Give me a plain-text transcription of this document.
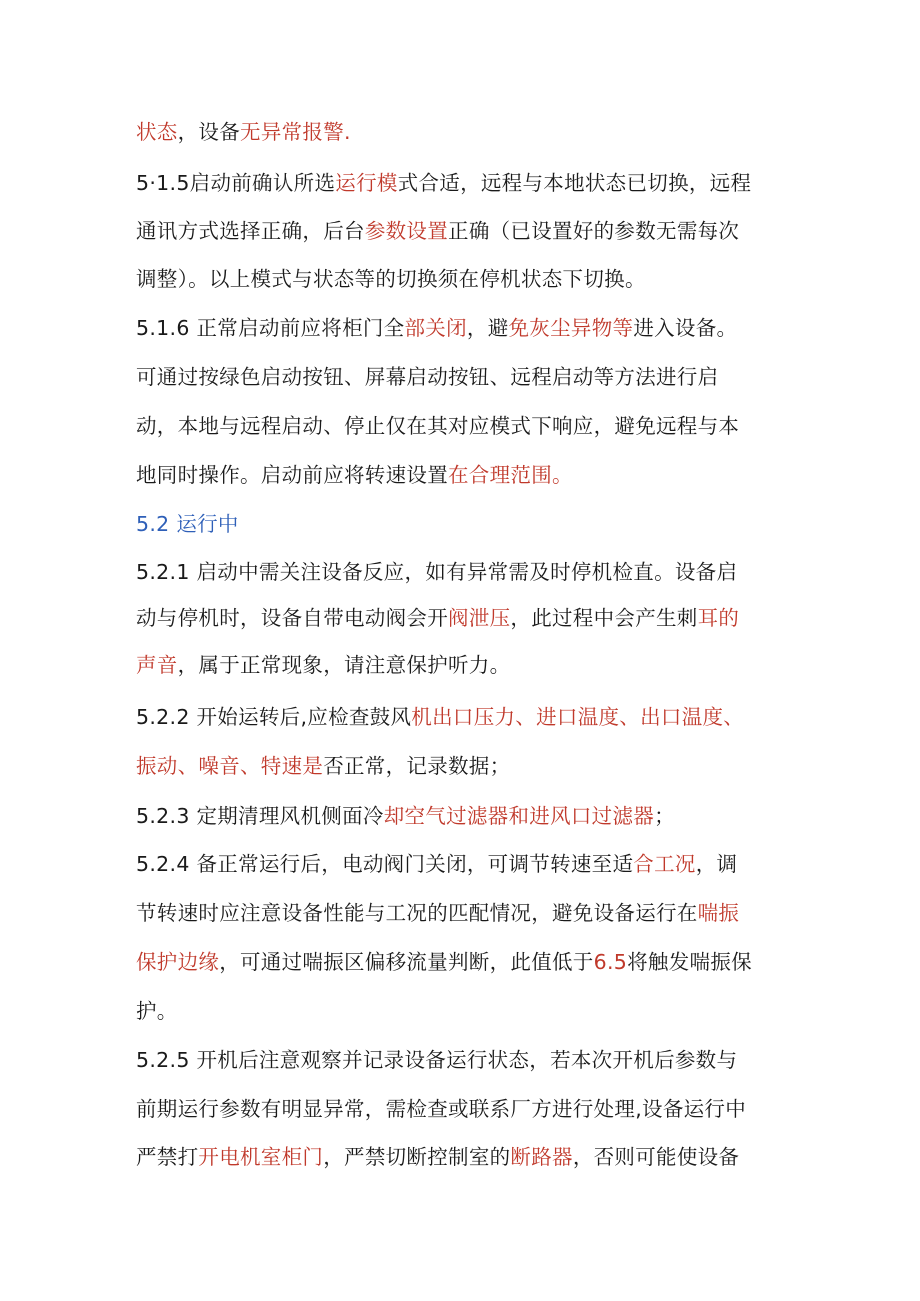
状态，设备无异常报警.
5·1.5启动前确认所选运行模式合适，远程与本地状态已切换，远程
通讯方式选择正确，后台参数设置正确（已设置好的参数无需每次
调整）。以上模式与状态等的切换须在停机状态下切换。
5.1.6 正常启动前应将柜门全部关闭，避免灰尘异物等进入设备。
可通过按绿色启动按钮、屏幕启动按钮、远程启动等方法进行启
动，本地与远程启动、停止仅在其对应模式下响应，避免远程与本
地同时操作。启动前应将转速设置在合理范围。
5.2 运行中
5.2.1 启动中需关注设备反应，如有异常需及时停机检直。设备启
动与停机时，设备自带电动阀会开阀泄压，此过程中会产生刺耳的
声音，属于正常现象，请注意保护听力。
5.2.2 开始运转后,应检查鼓风机出口压力、进口温度、出口温度、
振动、噪音、特速是否正常，记录数据；
5.2.3 定期清理风机侧面冷却空气过滤器和进风口过滤器；
5.2.4 备正常运行后，电动阀门关闭，可调节转速至适合工况，调
节转速时应注意设备性能与工况的匹配情况，避免设备运行在喘振
保护边缘，可通过喘振区偏移流量判断，此值低于6.5将触发喘振保
护。
5.2.5 开机后注意观察并记录设备运行状态，若本次开机后参数与
前期运行参数有明显异常，需检查或联系厂方进行处理,设备运行中
严禁打开电机室柜门，严禁切断控制室的断路器，否则可能使设备
